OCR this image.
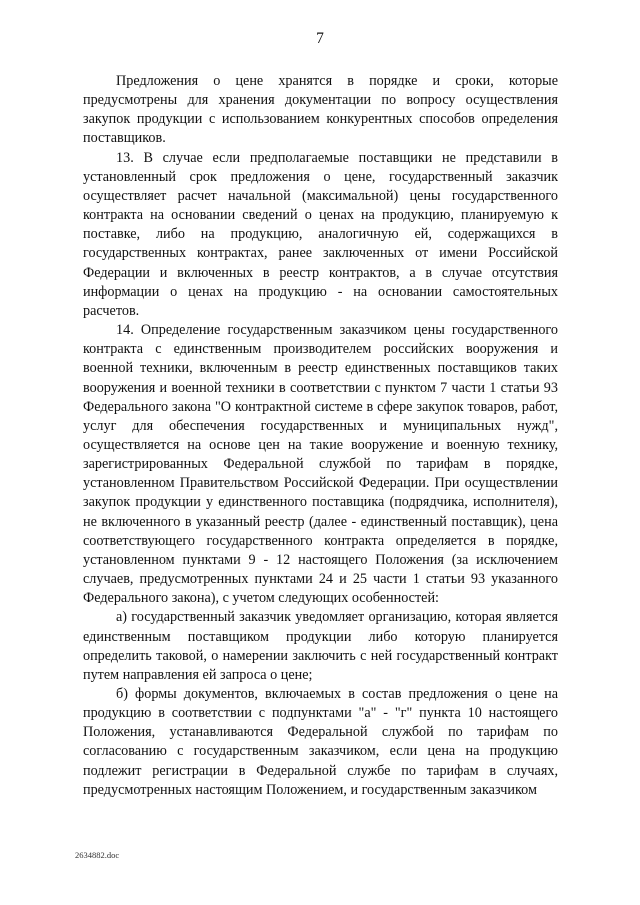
7

Предложения о цене хранятся в порядке и сроки, которые предусмотрены для хранения документации по вопросу осуществления закупок продукции с использованием конкурентных способов определения поставщиков.

13. В случае если предполагаемые поставщики не представили в установленный срок предложения о цене, государственный заказчик осуществляет расчет начальной (максимальной) цены государственного контракта на основании сведений о ценах на продукцию, планируемую к поставке, либо на продукцию, аналогичную ей, содержащихся в государственных контрактах, ранее заключенных от имени Российской Федерации и включенных в реестр контрактов, а в случае отсутствия информации о ценах на продукцию - на основании самостоятельных расчетов.

14. Определение государственным заказчиком цены государственного контракта с единственным производителем российских вооружения и военной техники, включенным в реестр единственных поставщиков таких вооружения и военной техники в соответствии с пунктом 7 части 1 статьи 93 Федерального закона "О контрактной системе в сфере закупок товаров, работ, услуг для обеспечения государственных и муниципальных нужд", осуществляется на основе цен на такие вооружение и военную технику, зарегистрированных Федеральной службой по тарифам в порядке, установленном Правительством Российской Федерации. При осуществлении закупок продукции у единственного поставщика (подрядчика, исполнителя), не включенного в указанный реестр (далее - единственный поставщик), цена соответствующего государственного контракта определяется в порядке, установленном пунктами 9 - 12 настоящего Положения (за исключением случаев, предусмотренных пунктами 24 и 25 части 1 статьи 93 указанного Федерального закона), с учетом следующих особенностей:

а) государственный заказчик уведомляет организацию, которая является единственным поставщиком продукции либо которую планируется определить таковой, о намерении заключить с ней государственный контракт путем направления ей запроса о цене;

б) формы документов, включаемых в состав предложения о цене на продукцию в соответствии с подпунктами "а" - "г" пункта 10 настоящего Положения, устанавливаются Федеральной службой по тарифам по согласованию с государственным заказчиком, если цена на продукцию подлежит регистрации в Федеральной службе по тарифам в случаях, предусмотренных настоящим Положением, и государственным заказчиком

2634882.doc
